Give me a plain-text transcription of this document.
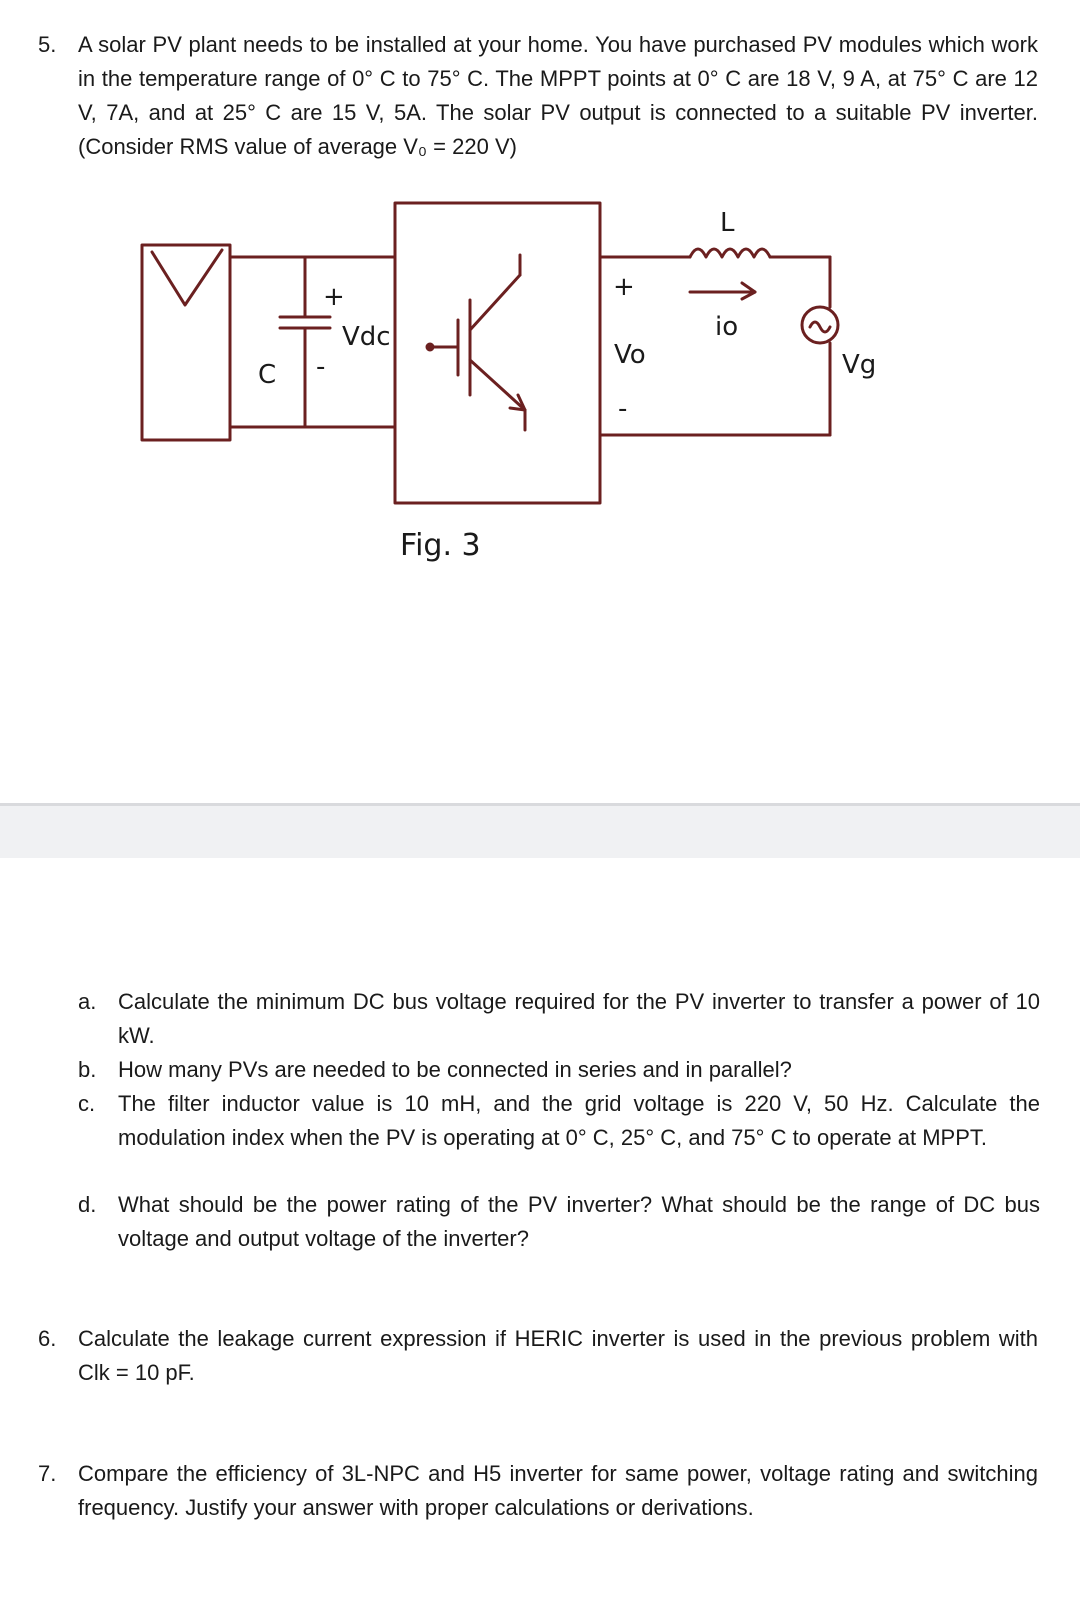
5. A solar PV plant needs to be installed at your home. You have purchased PV modules which work in the temperature range of 0° C to 75° C. The MPPT points at 0° C are 18 V, 9 A, at 75° C are 12 V, 7A, and at 25° C are 15 V, 5A. The solar PV output is connected to a suitable PV inverter. (Consider RMS value of average V₀ = 220 V)
+
C
Vdc
-
+
Vo
-
L
io
Vg
Fig. 3
a. Calculate the minimum DC bus voltage required for the PV inverter to transfer a power of 10 kW.
b. How many PVs are needed to be connected in series and in parallel?
c. The filter inductor value is 10 mH, and the grid voltage is 220 V, 50 Hz. Calculate the modulation index when the PV is operating at 0° C, 25° C, and 75° C to operate at MPPT.
d. What should be the power rating of the PV inverter? What should be the range of DC bus voltage and output voltage of the inverter?
6. Calculate the leakage current expression if HERIC inverter is used in the previous problem with Clk = 10 pF.
7. Compare the efficiency of 3L-NPC and H5 inverter for same power, voltage rating and switching frequency. Justify your answer with proper calculations or derivations.
